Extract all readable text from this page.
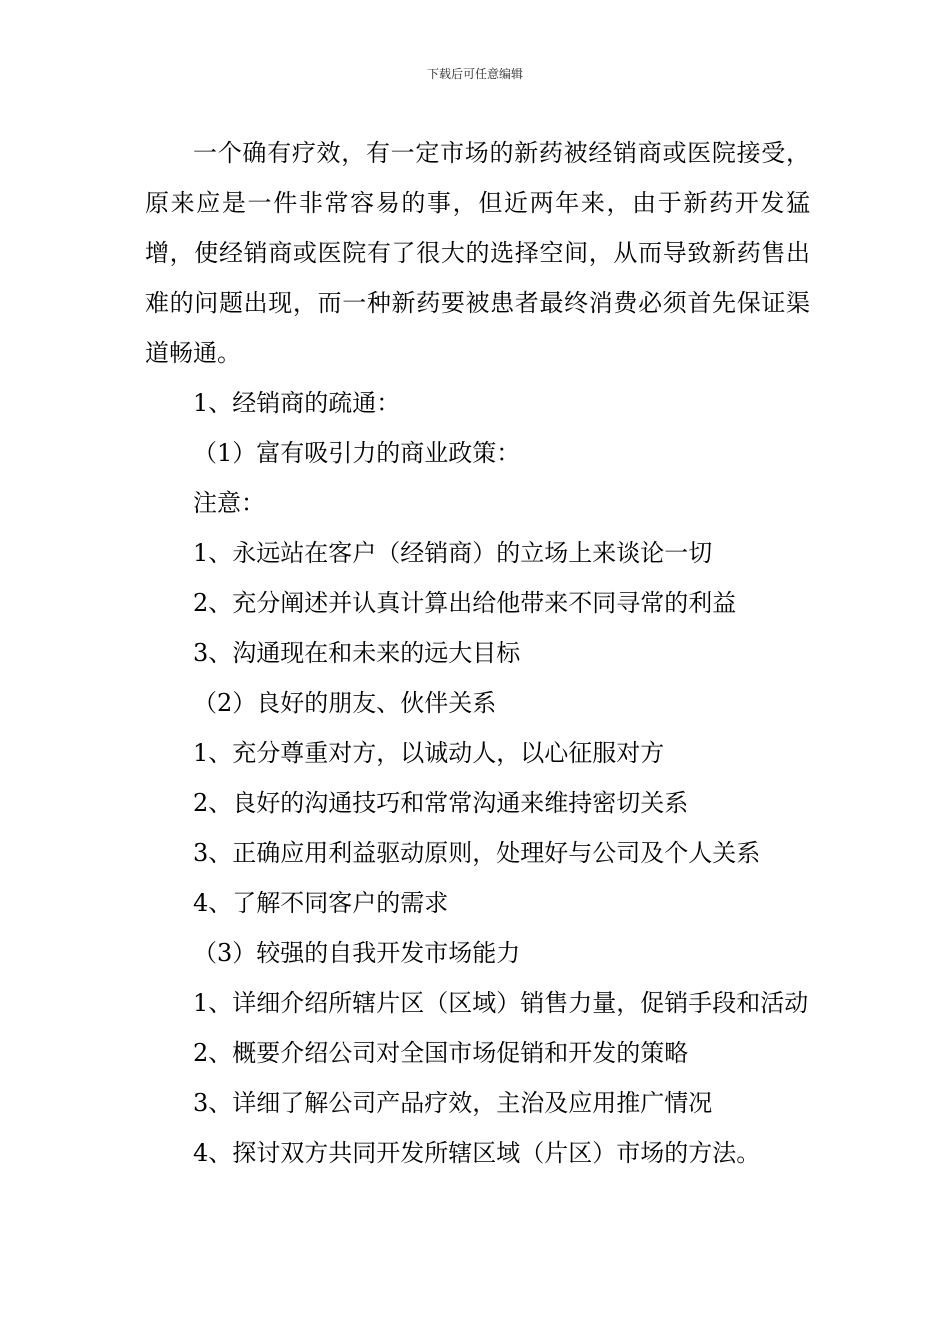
下载后可任意编辑

一个确有疗效，有一定市场的新药被经销商或医院接受，原来应是一件非常容易的事，但近两年来，由于新药开发猛增，使经销商或医院有了很大的选择空间，从而导致新药售出难的问题出现，而一种新药要被患者最终消费必须首先保证渠道畅通。

1、经销商的疏通：

（1）富有吸引力的商业政策：

注意：

1、永远站在客户（经销商）的立场上来谈论一切

2、充分阐述并认真计算出给他带来不同寻常的利益

3、沟通现在和未来的远大目标

（2）良好的朋友、伙伴关系

1、充分尊重对方，以诚动人，以心征服对方

2、良好的沟通技巧和常常沟通来维持密切关系

3、正确应用利益驱动原则，处理好与公司及个人关系

4、了解不同客户的需求

（3）较强的自我开发市场能力

1、详细介绍所辖片区（区域）销售力量，促销手段和活动

2、概要介绍公司对全国市场促销和开发的策略

3、详细了解公司产品疗效，主治及应用推广情况

4、探讨双方共同开发所辖区域（片区）市场的方法。
